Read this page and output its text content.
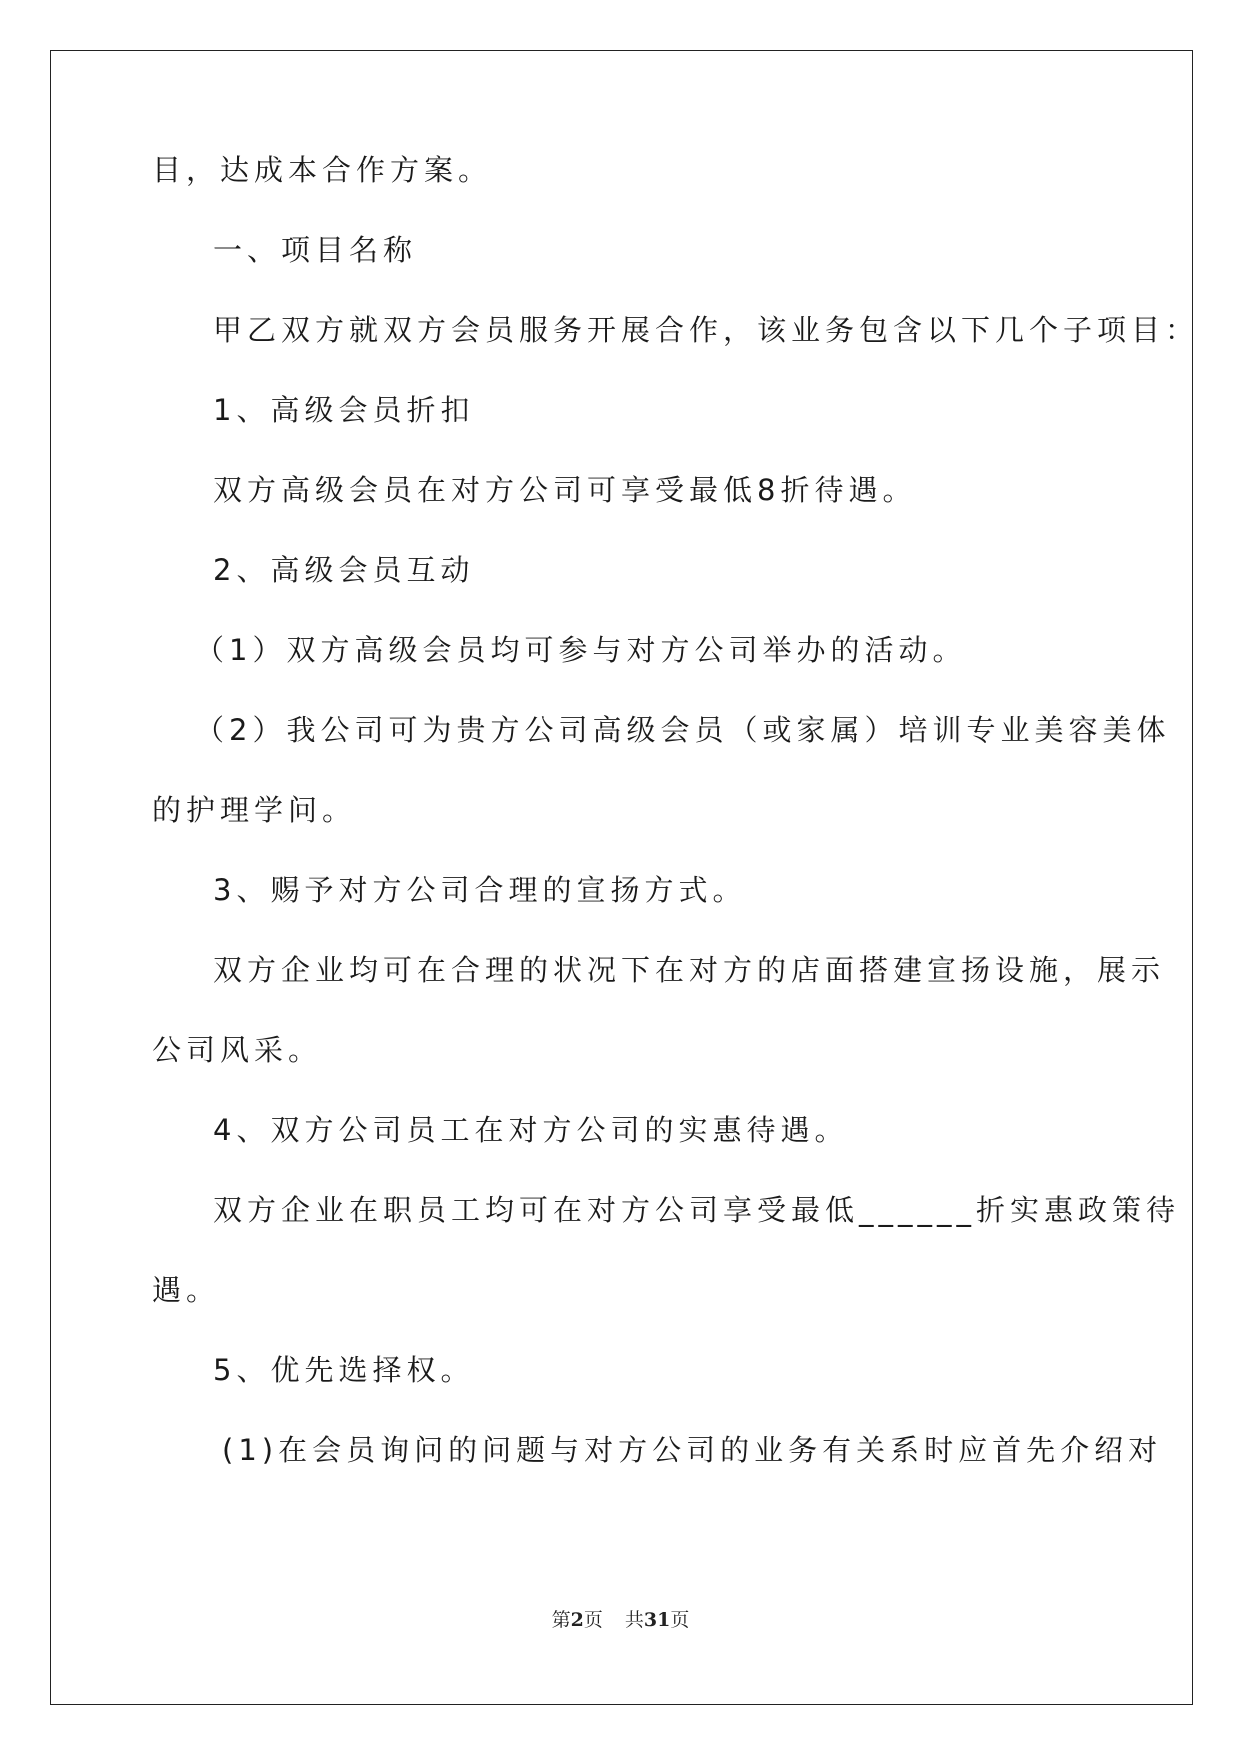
目，达成本合作方案。
一、项目名称
甲乙双方就双方会员服务开展合作，该业务包含以下几个子项目：
1、高级会员折扣
双方高级会员在对方公司可享受最低8折待遇。
2、高级会员互动
（1）双方高级会员均可参与对方公司举办的活动。
（2）我公司可为贵方公司高级会员（或家属）培训专业美容美体
的护理学问。
3、赐予对方公司合理的宣扬方式。
双方企业均可在合理的状况下在对方的店面搭建宣扬设施，展示
公司风采。
4、双方公司员工在对方公司的实惠待遇。
双方企业在职员工均可在对方公司享受最低______折实惠政策待
遇。
5、优先选择权。
(1)在会员询问的问题与对方公司的业务有关系时应首先介绍对
第2页 共31页
